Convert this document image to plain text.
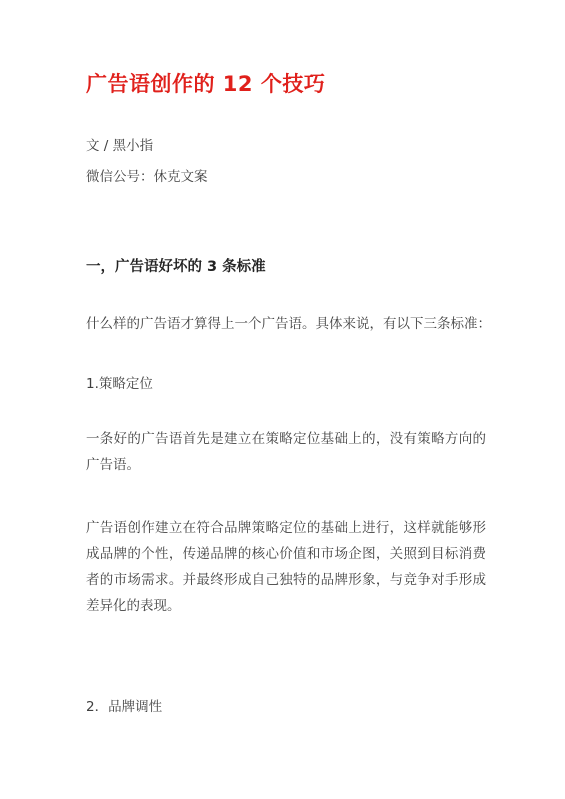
广告语创作的 12 个技巧
文 / 黑小指
微信公号：休克文案
一，广告语好坏的 3 条标准

什么样的广告语才算得上一个广告语。具体来说，有以下三条标准：

1.策略定位

一条好的广告语首先是建立在策略定位基础上的，没有策略方向的广告语。

广告语创作建立在符合品牌策略定位的基础上进行，这样就能够形成品牌的个性，传递品牌的核心价值和市场企图，关照到目标消费者的市场需求。并最终形成自己独特的品牌形象，与竞争对手形成差异化的表现。

2．品牌调性
